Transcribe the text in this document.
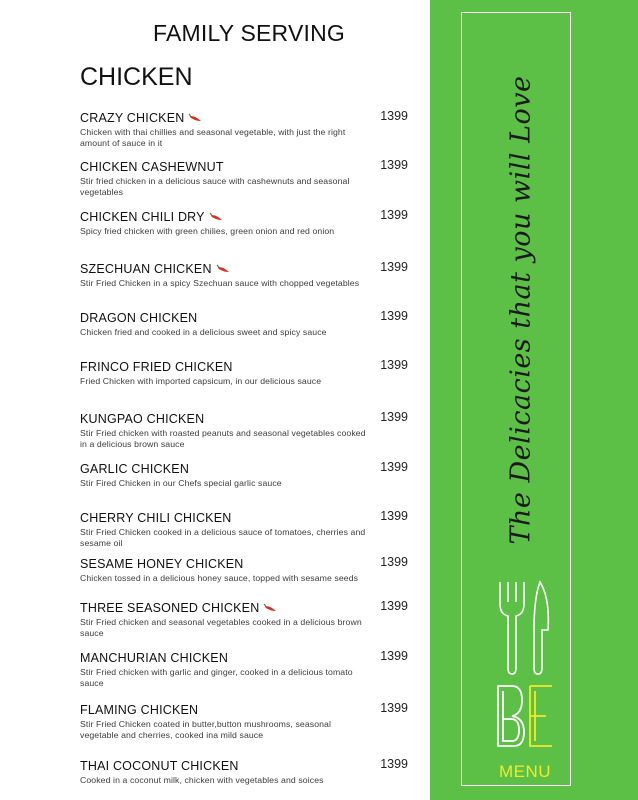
FAMILY SERVING
CHICKEN
CRAZY CHICKEN	1399
Chicken with thai chillies and seasonal vegetable, with just the right amount of sauce in it
CHICKEN CASHEWNUT	1399
Stir fried chicken in a delicious sauce with cashewnuts and seasonal vegetables
CHICKEN CHILI DRY	1399
Spicy fried chicken with green chilies, green onion and red onion
SZECHUAN CHICKEN	1399
Stir Fried Chicken in a spicy Szechuan sauce with chopped vegetables
DRAGON CHICKEN	1399
Chicken fried and cooked in a delicious sweet and spicy sauce
FRINCO FRIED CHICKEN	1399
Fried Chicken with imported capsicum, in our delicious sauce
KUNGPAO CHICKEN	1399
Stir Fried chicken with roasted peanuts and seasonal vegetables cooked in a delicious brown sauce
GARLIC CHICKEN	1399
Stir Fired Chicken in our Chefs special garlic sauce
CHERRY CHILI CHICKEN	1399
Stir Fried Chicken cooked in a delicious sauce of tomatoes, cherries and sesame oil
SESAME HONEY CHICKEN	1399
Chicken tossed in a delicious honey sauce, topped with sesame seeds
THREE SEASONED CHICKEN	1399
Stir Fried chicken and seasonal vegetables cooked in a delicious brown sauce
MANCHURIAN CHICKEN	1399
Stir Fried chicken with garlic and ginger, cooked in a delicious tomato sauce
FLAMING CHICKEN	1399
Stir Fried Chicken coated in butter,button mushrooms, seasonal vegetable and cherries, cooked ina mild sauce
THAI COCONUT CHICKEN	1399
Cooked in a coconut milk, chicken with vegetables and soices
The Delicacies that you will Love
MENU
